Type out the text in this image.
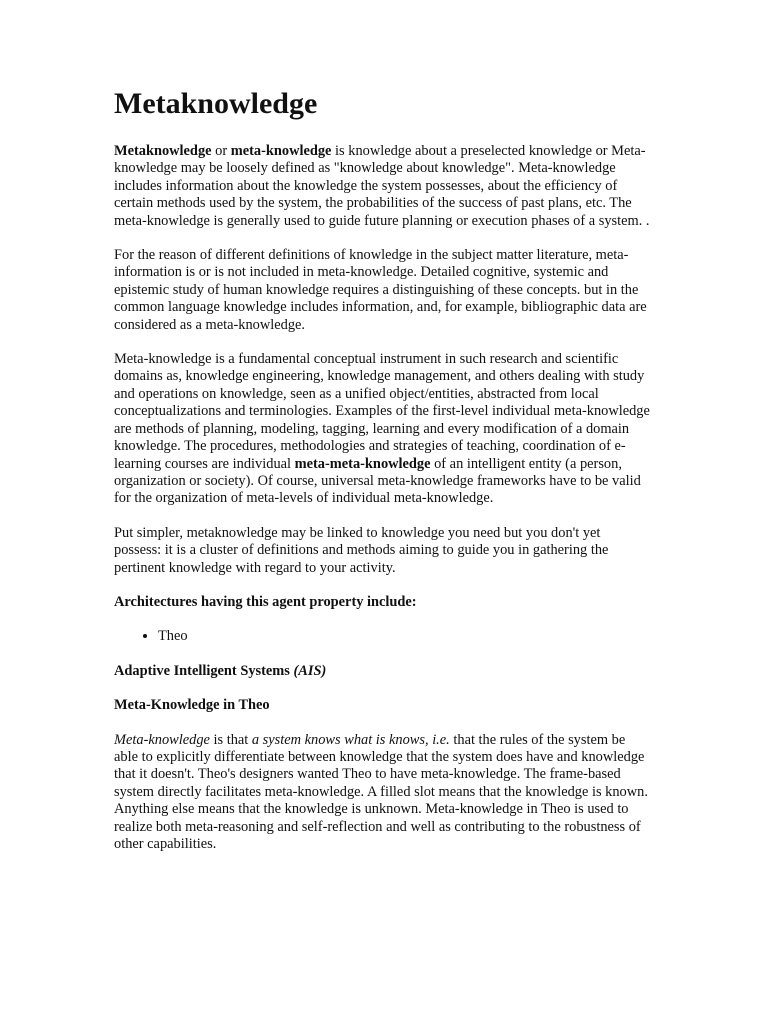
Metaknowledge

Metaknowledge or meta-knowledge is knowledge about a preselected knowledge or Meta-knowledge may be loosely defined as "knowledge about knowledge". Meta-knowledge includes information about the knowledge the system possesses, about the efficiency of certain methods used by the system, the probabilities of the success of past plans, etc. The meta-knowledge is generally used to guide future planning or execution phases of a system. .

For the reason of different definitions of knowledge in the subject matter literature, meta-information is or is not included in meta-knowledge. Detailed cognitive, systemic and epistemic study of human knowledge requires a distinguishing of these concepts. but in the common language knowledge includes information, and, for example, bibliographic data are considered as a meta-knowledge.

Meta-knowledge is a fundamental conceptual instrument in such research and scientific domains as, knowledge engineering, knowledge management, and others dealing with study and operations on knowledge, seen as a unified object/entities, abstracted from local conceptualizations and terminologies. Examples of the first-level individual meta-knowledge are methods of planning, modeling, tagging, learning and every modification of a domain knowledge. The procedures, methodologies and strategies of teaching, coordination of e-learning courses are individual meta-meta-knowledge of an intelligent entity (a person, organization or society). Of course, universal meta-knowledge frameworks have to be valid for the organization of meta-levels of individual meta-knowledge.

Put simpler, metaknowledge may be linked to knowledge you need but you don't yet possess: it is a cluster of definitions and methods aiming to guide you in gathering the pertinent knowledge with regard to your activity.

Architectures having this agent property include:

• Theo

Adaptive Intelligent Systems (AIS)

Meta-Knowledge in Theo

Meta-knowledge is that a system knows what is knows, i.e. that the rules of the system be able to explicitly differentiate between knowledge that the system does have and knowledge that it doesn't. Theo's designers wanted Theo to have meta-knowledge. The frame-based system directly facilitates meta-knowledge. A filled slot means that the knowledge is known. Anything else means that the knowledge is unknown. Meta-knowledge in Theo is used to realize both meta-reasoning and self-reflection and well as contributing to the robustness of other capabilities.
